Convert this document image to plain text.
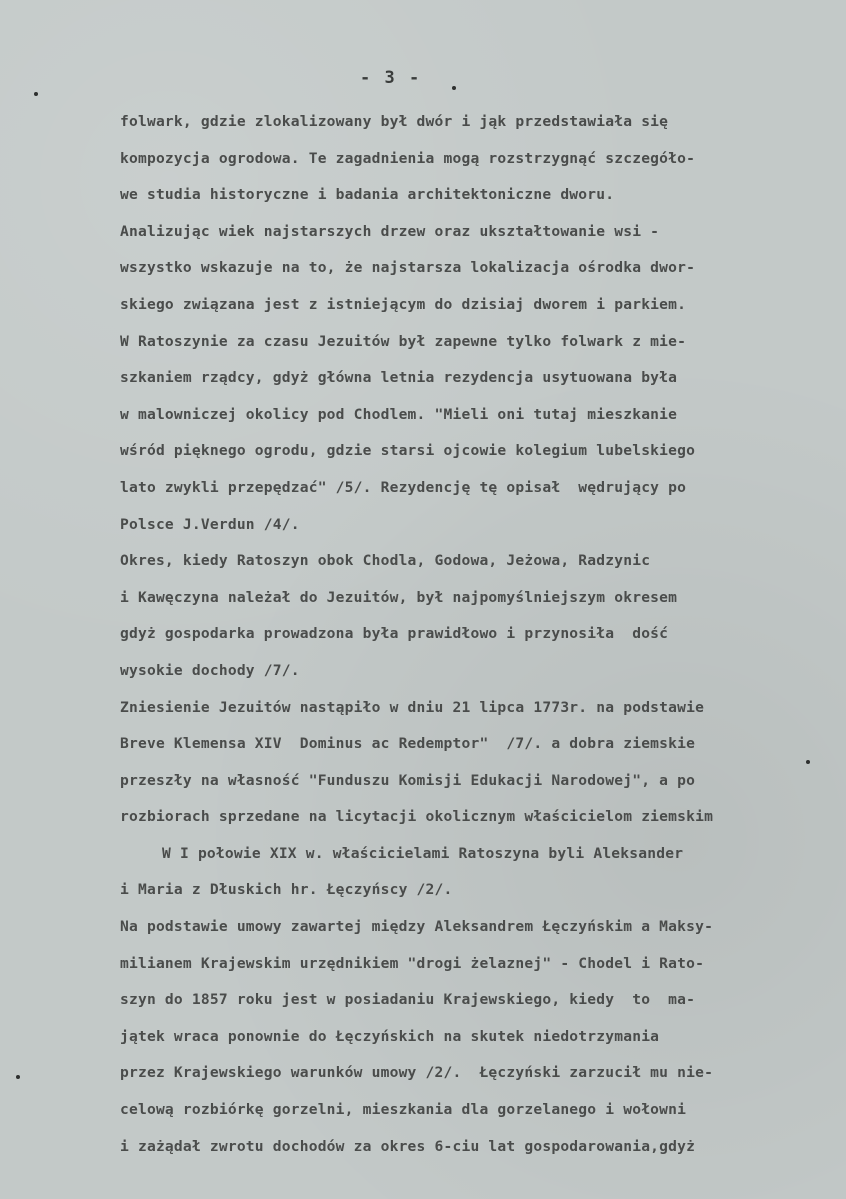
- 3 -
folwark, gdzie zlokalizowany był dwór i jąk przedstawiała się
kompozycja ogrodowa. Te zagadnienia mogą rozstrzygnąć szczegóło-
we studia historyczne i badania architektoniczne dworu.
Analizując wiek najstarszych drzew oraz ukształtowanie wsi -
wszystko wskazuje na to, że najstarsza lokalizacja ośrodka dwor-
skiego związana jest z istniejącym do dzisiaj dworem i parkiem.
W Ratoszynie za czasu Jezuitów był zapewne tylko folwark z mie-
szkaniem rządcy, gdyż główna letnia rezydencja usytuowana była
w malowniczej okolicy pod Chodlem. "Mieli oni tutaj mieszkanie
wśród pięknego ogrodu, gdzie starsi ojcowie kolegium lubelskiego
lato zwykli przepędzać" /5/. Rezydencję tę opisał  wędrujący po
Polsce J.Verdun /4/.
Okres, kiedy Ratoszyn obok Chodla, Godowa, Jeżowa, Radzynic
i Kawęczyna należał do Jezuitów, był najpomyślniejszym okresem
gdyż gospodarka prowadzona była prawidłowo i przynosiła  dość
wysokie dochody /7/.
Zniesienie Jezuitów nastąpiło w dniu 21 lipca 1773r. na podstawie
Breve Klemensa XIV  Dominus ac Redemptor"  /7/. a dobra ziemskie
przeszły na własność "Funduszu Komisji Edukacji Narodowej", a po
rozbiorach sprzedane na licytacji okolicznym właścicielom ziemskim
W I połowie XIX w. właścicielami Ratoszyna byli Aleksander
i Maria z Dłuskich hr. Łęczyńscy /2/.
Na podstawie umowy zawartej między Aleksandrem Łęczyńskim a Maksy-
milianem Krajewskim urzędnikiem "drogi żelaznej" - Chodel i Rato-
szyn do 1857 roku jest w posiadaniu Krajewskiego, kiedy  to  ma-
jątek wraca ponownie do Łęczyńskich na skutek niedotrzymania
przez Krajewskiego warunków umowy /2/.  Łęczyński zarzucił mu nie-
celową rozbiórkę gorzelni, mieszkania dla gorzelanego i wołowni
i zażądał zwrotu dochodów za okres 6-ciu lat gospodarowania,gdyż
